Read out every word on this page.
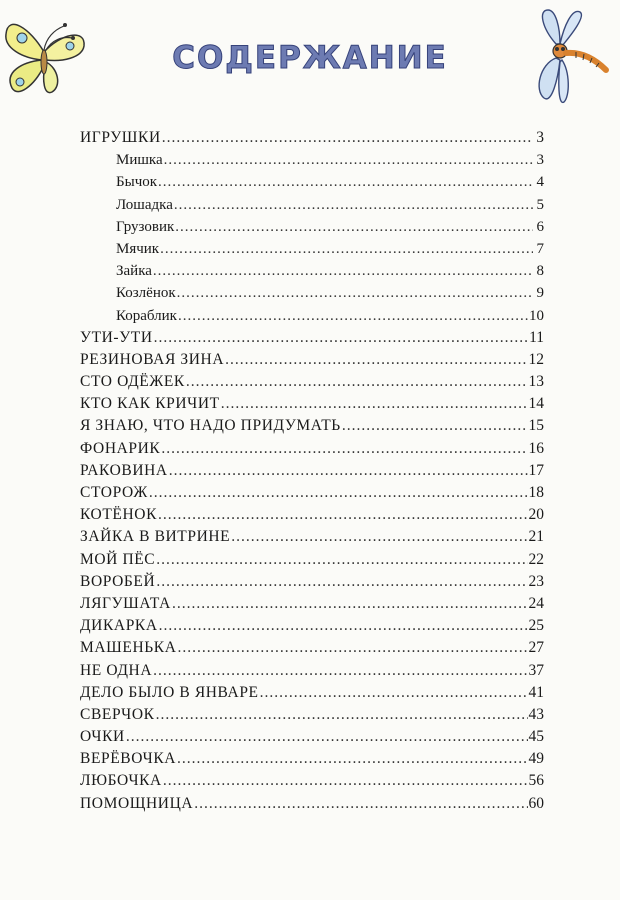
СОДЕРЖАНИЕ
ИГРУШКИ .....	3
Мишка .....	3
Бычок .....	4
Лошадка .....	5
Грузовик .....	6
Мячик .....	7
Зайка .....	8
Козлёнок .....	9
Кораблик .....	10
УТИ-УТИ .....	11
РЕЗИНОВАЯ ЗИНА .....	12
СТО ОДЁЖЕК .....	13
КТО КАК КРИЧИТ .....	14
Я ЗНАЮ, ЧТО НАДО ПРИДУМАТЬ .....	15
ФОНАРИК .....	16
РАКОВИНА .....	17
СТОРОЖ .....	18
КОТЁНОК .....	20
ЗАЙКА В ВИТРИНЕ .....	21
МОЙ ПЁС .....	22
ВОРОБЕЙ .....	23
ЛЯГУШАТА .....	24
ДИКАРКА .....	25
МАШЕНЬКА .....	27
НЕ ОДНА .....	37
ДЕЛО БЫЛО В ЯНВАРЕ .....	41
СВЕРЧОК .....	43
ОЧКИ .....	45
ВЕРЁВОЧКА .....	49
ЛЮБОЧКА .....	56
ПОМОЩНИЦА .....	60
